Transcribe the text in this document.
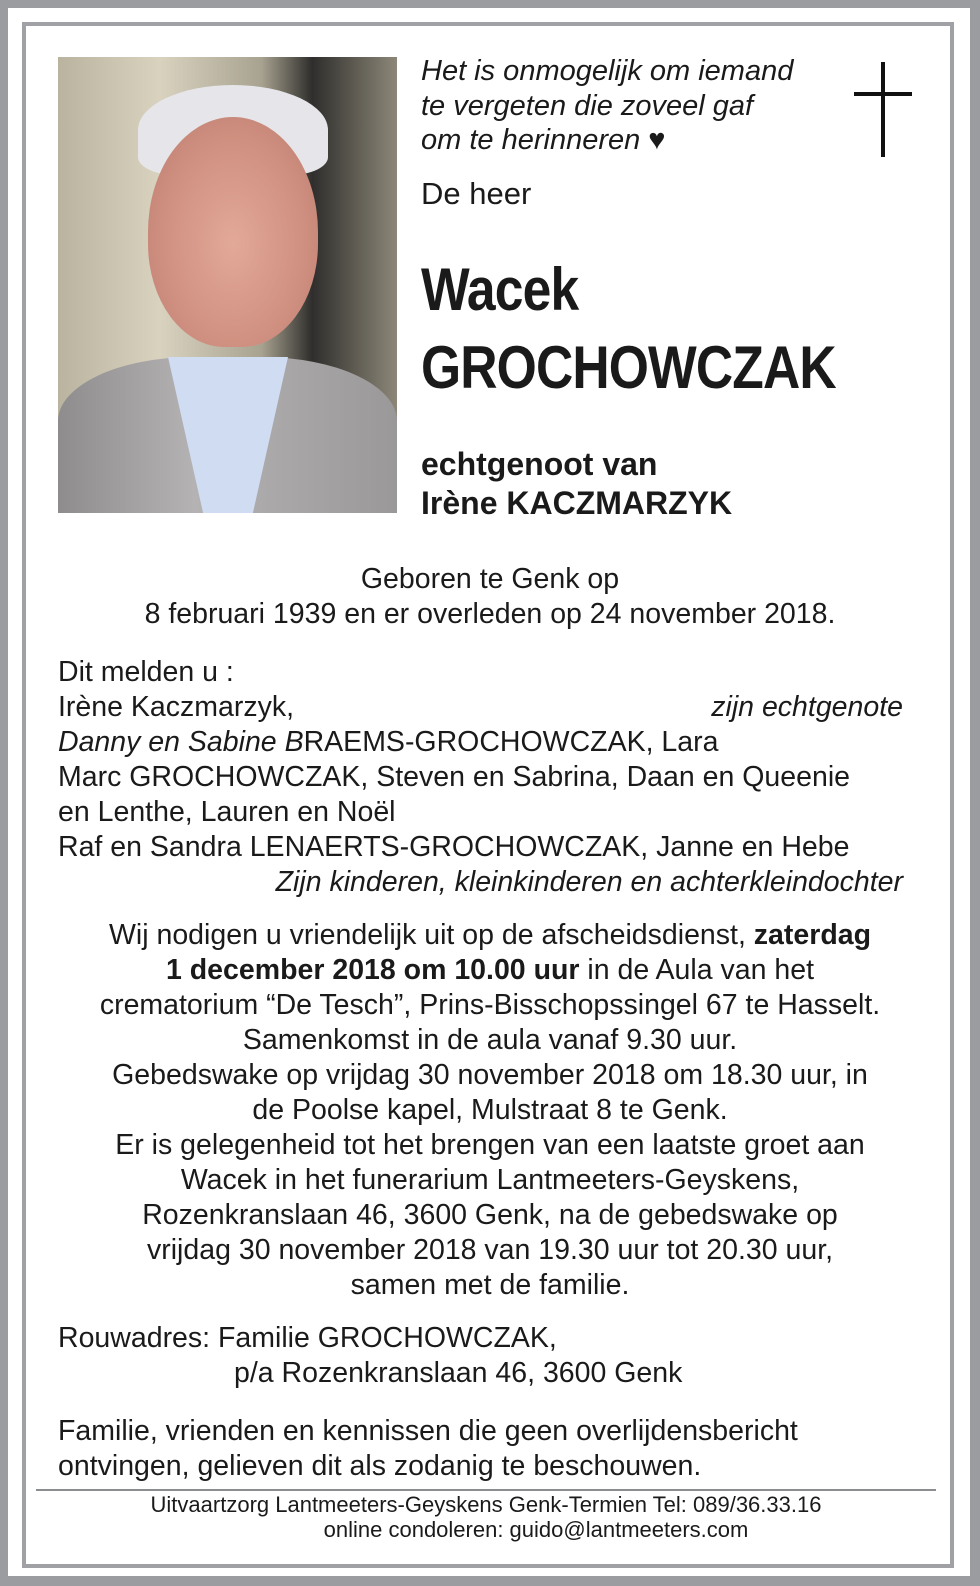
Het is onmogelijk om iemand
te vergeten die zoveel gaf
om te herinneren ♥
De heer
Wacek
GROCHOWCZAK
echtgenoot van
Irène KACZMARZYK
Geboren te Genk op
8 februari 1939 en er overleden op 24 november 2018.
Dit melden u :
Irène Kaczmarzyk,	zijn echtgenote
Danny en Sabine BRAEMS-GROCHOWCZAK, Lara
Marc GROCHOWCZAK, Steven en Sabrina, Daan en Queenie
en Lenthe, Lauren en Noël
Raf en Sandra LENAERTS-GROCHOWCZAK, Janne en Hebe
Zijn kinderen, kleinkinderen en achterkleindochter
Wij nodigen u vriendelijk uit op de afscheidsdienst, zaterdag
1 december 2018 om 10.00 uur in de Aula van het
crematorium “De Tesch”, Prins-Bisschopssingel 67 te Hasselt.
Samenkomst in de aula vanaf 9.30 uur.
Gebedswake op vrijdag 30 november 2018 om 18.30 uur, in
de Poolse kapel, Mulstraat 8 te Genk.
Er is gelegenheid tot het brengen van een laatste groet aan
Wacek in het funerarium Lantmeeters-Geyskens,
Rozenkranslaan 46, 3600 Genk, na de gebedswake op
vrijdag 30 november 2018 van 19.30 uur tot 20.30 uur,
samen met de familie.
Rouwadres: Familie GROCHOWCZAK,
p/a Rozenkranslaan 46, 3600 Genk
Familie, vrienden en kennissen die geen overlijdensbericht
ontvingen, gelieven dit als zodanig te beschouwen.
Uitvaartzorg Lantmeeters-Geyskens Genk-Termien Tel: 089/36.33.16
online condoleren: guido@lantmeeters.com
